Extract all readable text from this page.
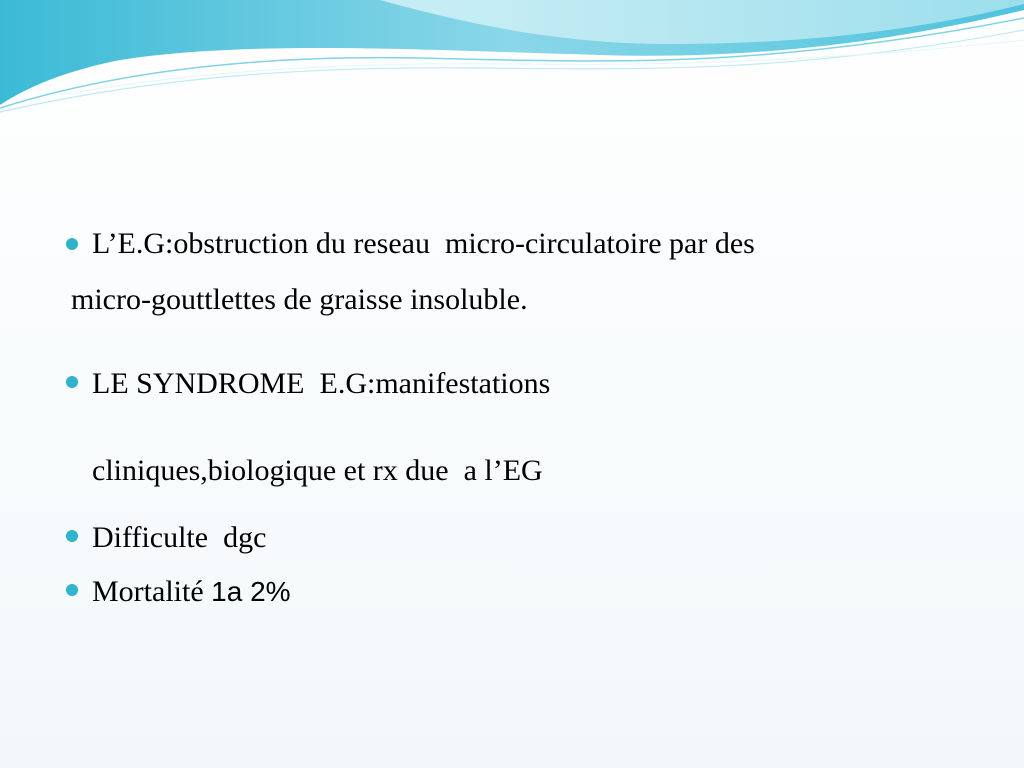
L’E.G:obstruction du reseau  micro-circulatoire par des
micro-gouttlettes de graisse insoluble.
LE SYNDROME  E.G:manifestations
cliniques,biologique et rx due  a l’EG
Difficulte  dgc
Mortalité 1a 2%
